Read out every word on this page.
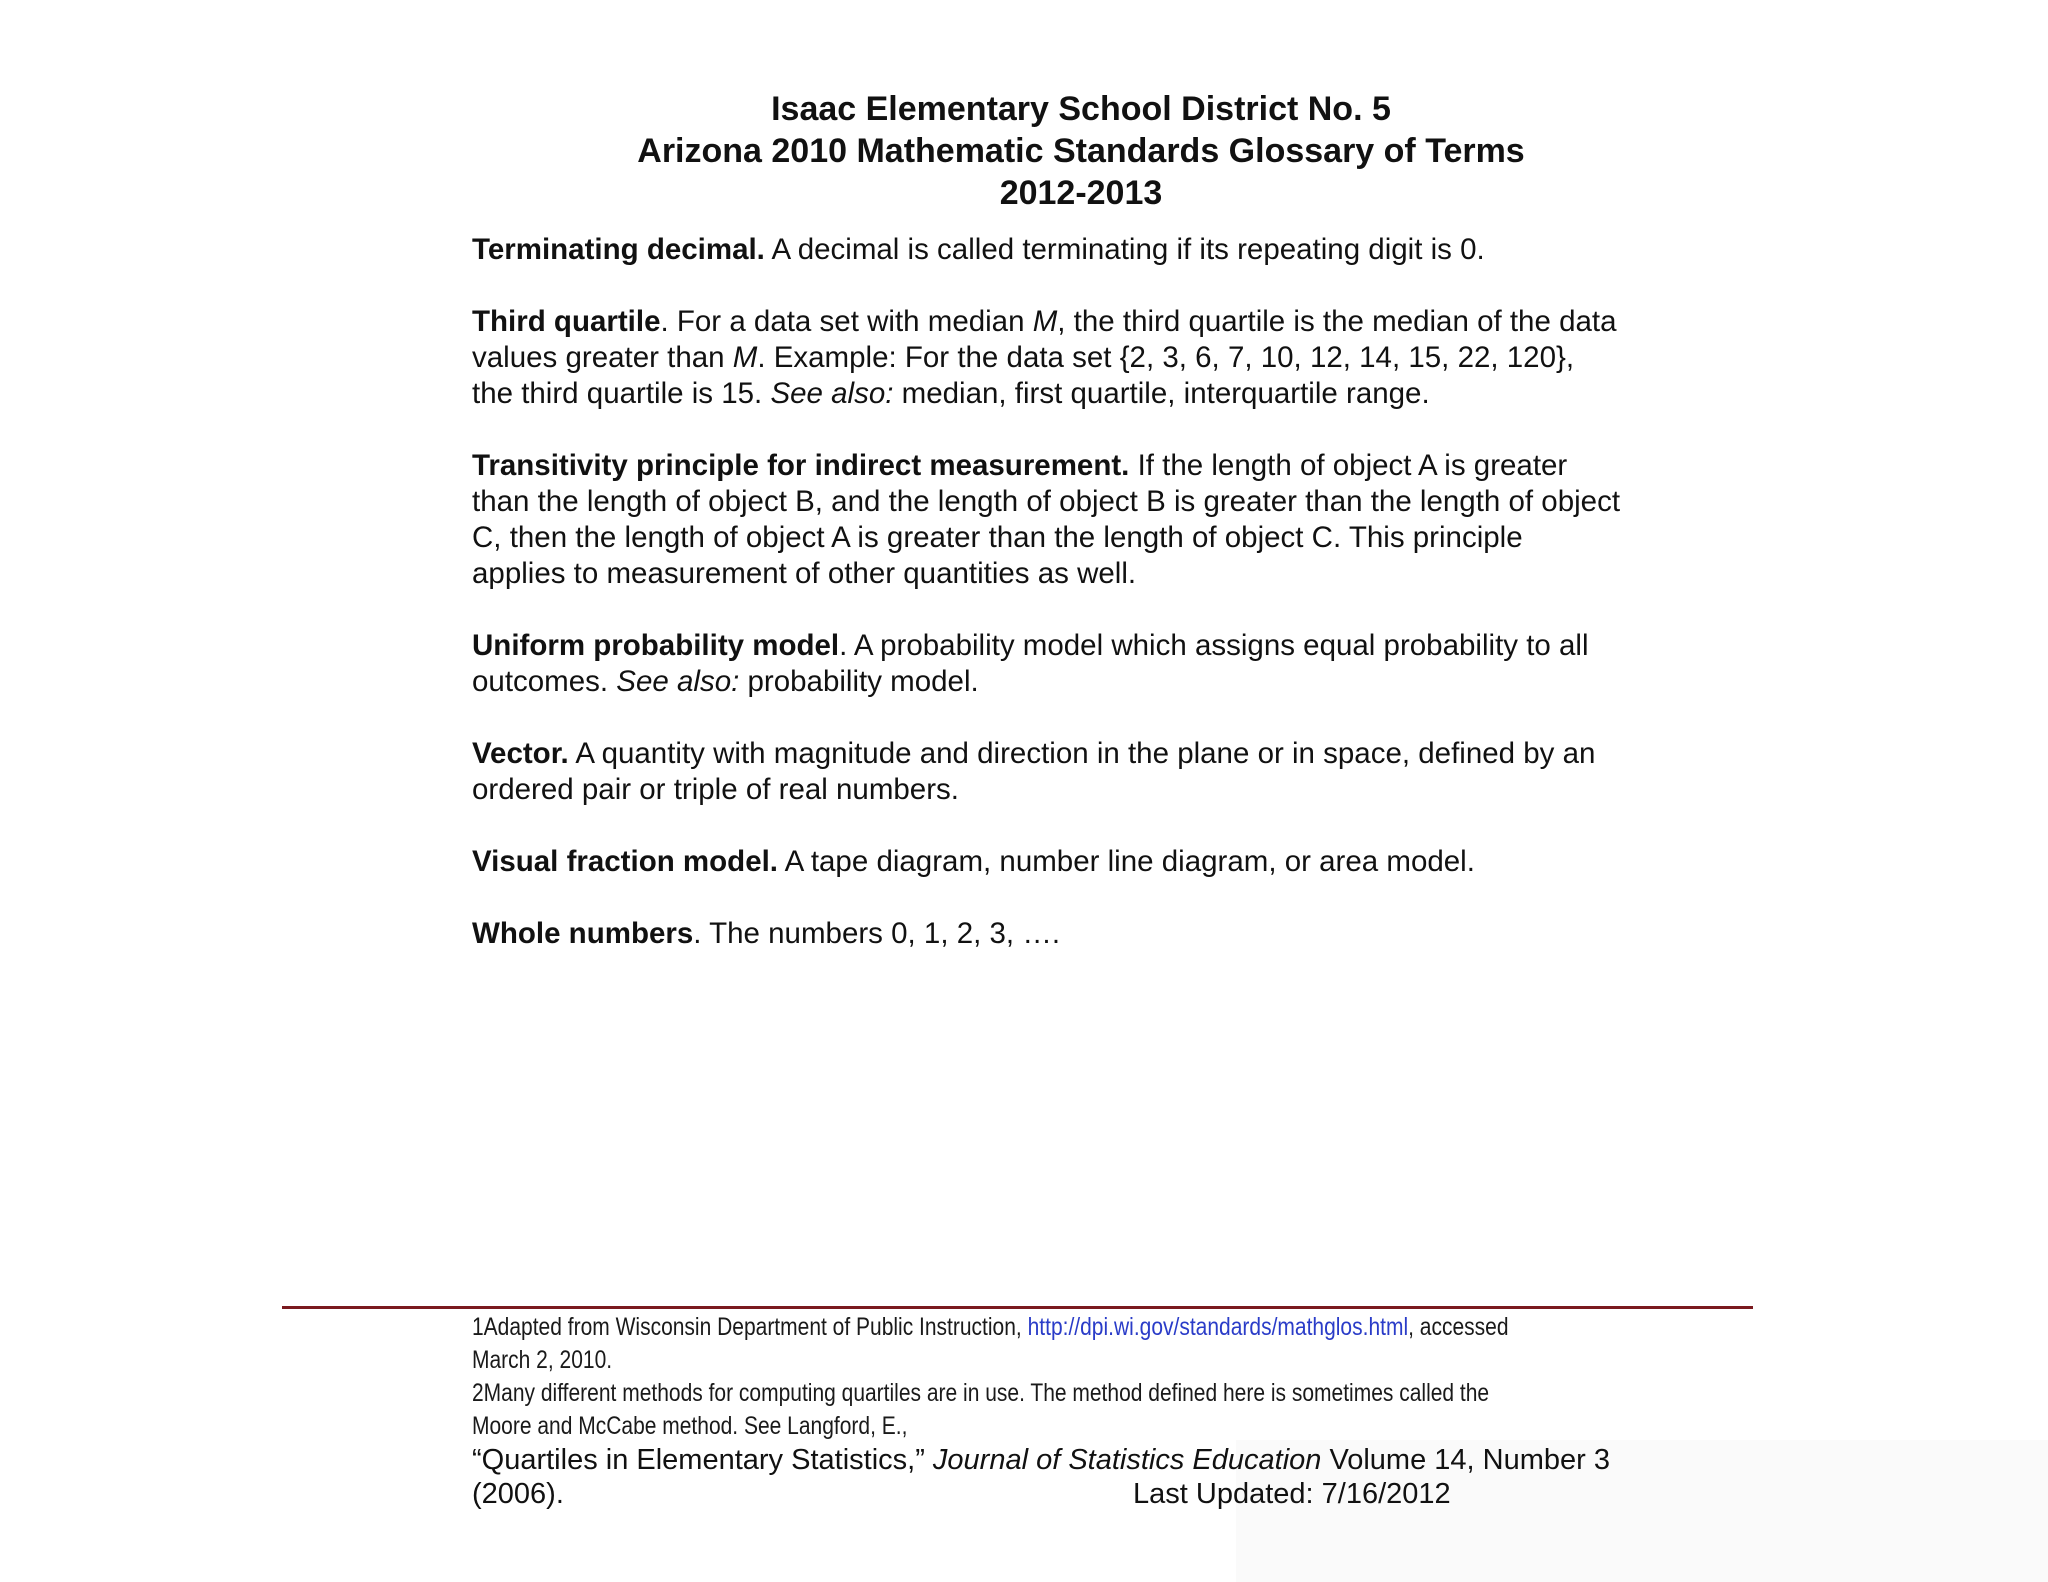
Isaac Elementary School District No. 5
Arizona 2010 Mathematic Standards Glossary of Terms
2012-2013

Terminating decimal. A decimal is called terminating if its repeating digit is 0.

Third quartile. For a data set with median M, the third quartile is the median of the data values greater than M. Example: For the data set {2, 3, 6, 7, 10, 12, 14, 15, 22, 120}, the third quartile is 15. See also: median, first quartile, interquartile range.

Transitivity principle for indirect measurement. If the length of object A is greater than the length of object B, and the length of object B is greater than the length of object C, then the length of object A is greater than the length of object C. This principle applies to measurement of other quantities as well.

Uniform probability model. A probability model which assigns equal probability to all outcomes. See also: probability model.

Vector. A quantity with magnitude and direction in the plane or in space, defined by an ordered pair or triple of real numbers.

Visual fraction model. A tape diagram, number line diagram, or area model.

Whole numbers. The numbers 0, 1, 2, 3, ….

1Adapted from Wisconsin Department of Public Instruction, http://dpi.wi.gov/standards/mathglos.html, accessed
March 2, 2010.
2Many different methods for computing quartiles are in use. The method defined here is sometimes called the
Moore and McCabe method. See Langford, E.,
“Quartiles in Elementary Statistics,” Journal of Statistics Education Volume 14, Number 3
(2006).	Last Updated: 7/16/2012
